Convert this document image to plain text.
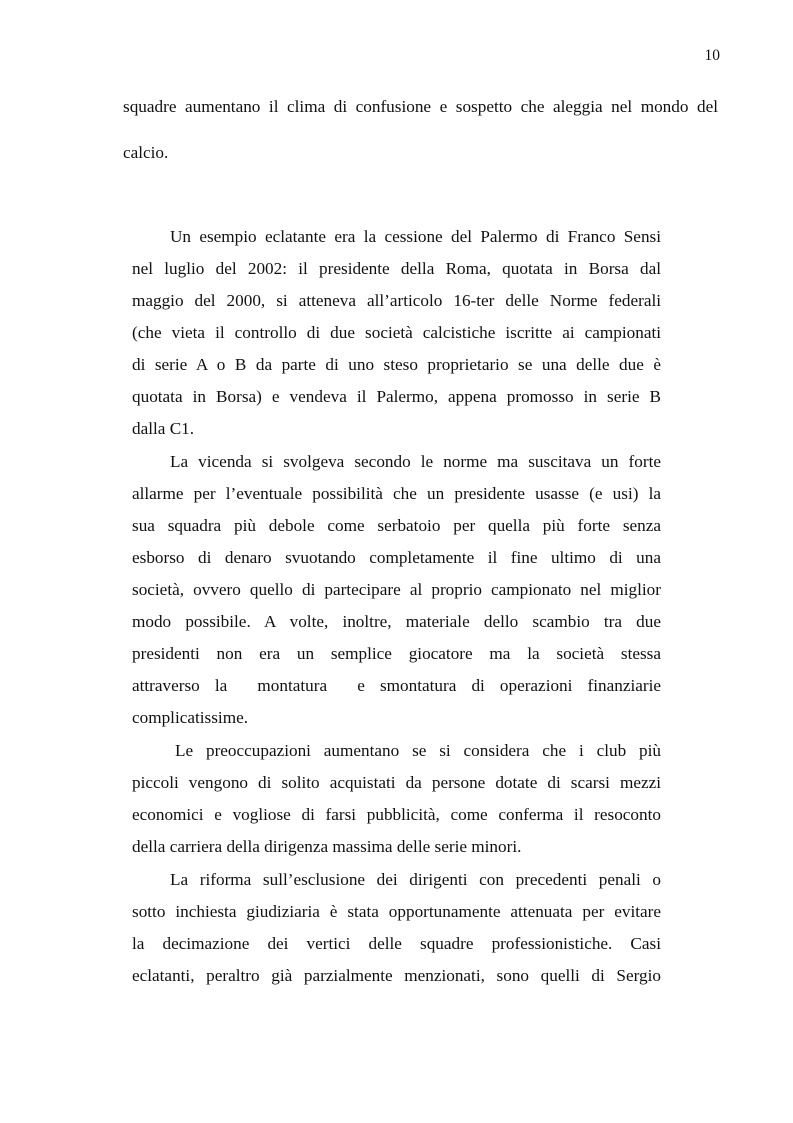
10

squadre aumentano il clima di confusione e sospetto che aleggia nel mondo del

calcio.

Un esempio eclatante era la cessione del Palermo di Franco Sensi

nel luglio del 2002: il presidente della Roma, quotata in Borsa dal

maggio del 2000, si atteneva all’articolo 16-ter delle Norme federali

(che vieta il controllo di due società calcistiche iscritte ai campionati

di serie A o B da parte di uno steso proprietario se una delle due è

quotata in Borsa) e vendeva il Palermo, appena promosso in serie B

dalla C1.

La vicenda si svolgeva secondo le norme ma suscitava un forte

allarme per l’eventuale possibilità che un presidente usasse (e usi) la

sua squadra più debole come serbatoio per quella più forte senza

esborso di denaro svuotando completamente il fine ultimo di una

società, ovvero quello di partecipare al proprio campionato nel miglior

modo possibile. A volte, inoltre, materiale dello scambio tra due

presidenti non era un semplice giocatore ma la società stessa

attraverso la  montatura  e smontatura di operazioni finanziarie

complicatissime.

Le preoccupazioni aumentano se si considera che i club più

piccoli vengono di solito acquistati da persone dotate di scarsi mezzi

economici e vogliose di farsi pubblicità, come conferma il resoconto

della carriera della dirigenza massima delle serie minori.

La riforma sull’esclusione dei dirigenti con precedenti penali o

sotto inchiesta giudiziaria è stata opportunamente attenuata per evitare

la decimazione dei vertici delle squadre professionistiche. Casi

eclatanti, peraltro già parzialmente menzionati, sono quelli di Sergio
